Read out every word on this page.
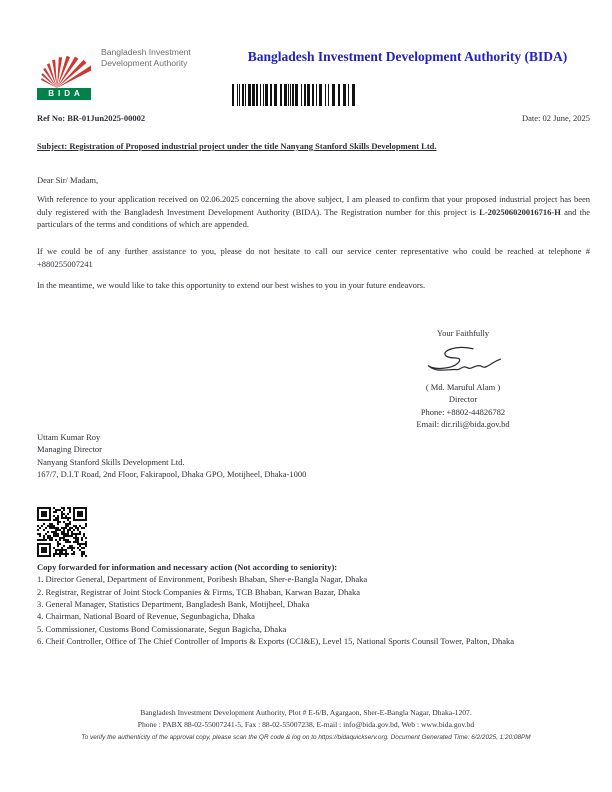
BIDA
Bangladesh Investment
Development Authority	Bangladesh Investment Development Authority (BIDA)
Ref No: BR-01Jun2025-00002	Date: 02 June, 2025
Subject: Registration of Proposed industrial project under the title Nanyang Stanford Skills Development Ltd.
Dear Sir/ Madam,
With reference to your application received on 02.06.2025 concerning the above subject, I am pleased to confirm that your proposed industrial project has been duly registered with the Bangladesh Investment Development Authority (BIDA). The Registration number for this project is L-202506020016716-H and the particulars of the terms and conditions of which are appended.
If we could be of any further assistance to you, please do not hesitate to call our service center representative who could be reached at telephone # +880255007241
In the meantime, we would like to take this opportunity to extend our best wishes to you in your future endeavors.
Your Faithfully
( Md. Maruful Alam )
Director
Phone: +8802-44826782
Email: dir.rili@bida.gov.bd
Uttam Kumar Roy
Managing Director
Nanyang Stanford Skills Development Ltd.
167/7, D.I.T Road, 2nd Floor, Fakirapool, Dhaka GPO, Motijheel, Dhaka-1000
Copy forwarded for information and necessary action (Not according to seniority):
1. Director General, Department of Environment, Poribesh Bhaban, Sher-e-Bangla Nagar, Dhaka
2. Registrar, Registrar of Joint Stock Companies & Firms, TCB Bhaban, Karwan Bazar, Dhaka
3. General Manager, Statistics Department, Bangladesh Bank, Motijheel, Dhaka
4. Chairman, National Board of Revenue, Segunbagicha, Dhaka
5. Commissioner, Customs Bond Comissionarate, Segun Bagicha, Dhaka
6. Cheif Controller, Office of The Chief Controller of Imports & Exports (CCI&E), Level 15, National Sports Counsil Tower, Palton, Dhaka
Bangladesh Investment Development Authority, Plot # E-6/B, Agargaon, Sher-E-Bangla Nagar, Dhaka-1207.
Phone : PABX 88-02-55007241-5, Fax : 88-02-55007238, E-mail : info@bida.gov.bd, Web : www.bida.gov.bd
To verify the authenticity of the approval copy, please scan the QR code & log on to https://bidaquickserv.org. Document Generated Time: 6/2/2025, 1:20:08PM
